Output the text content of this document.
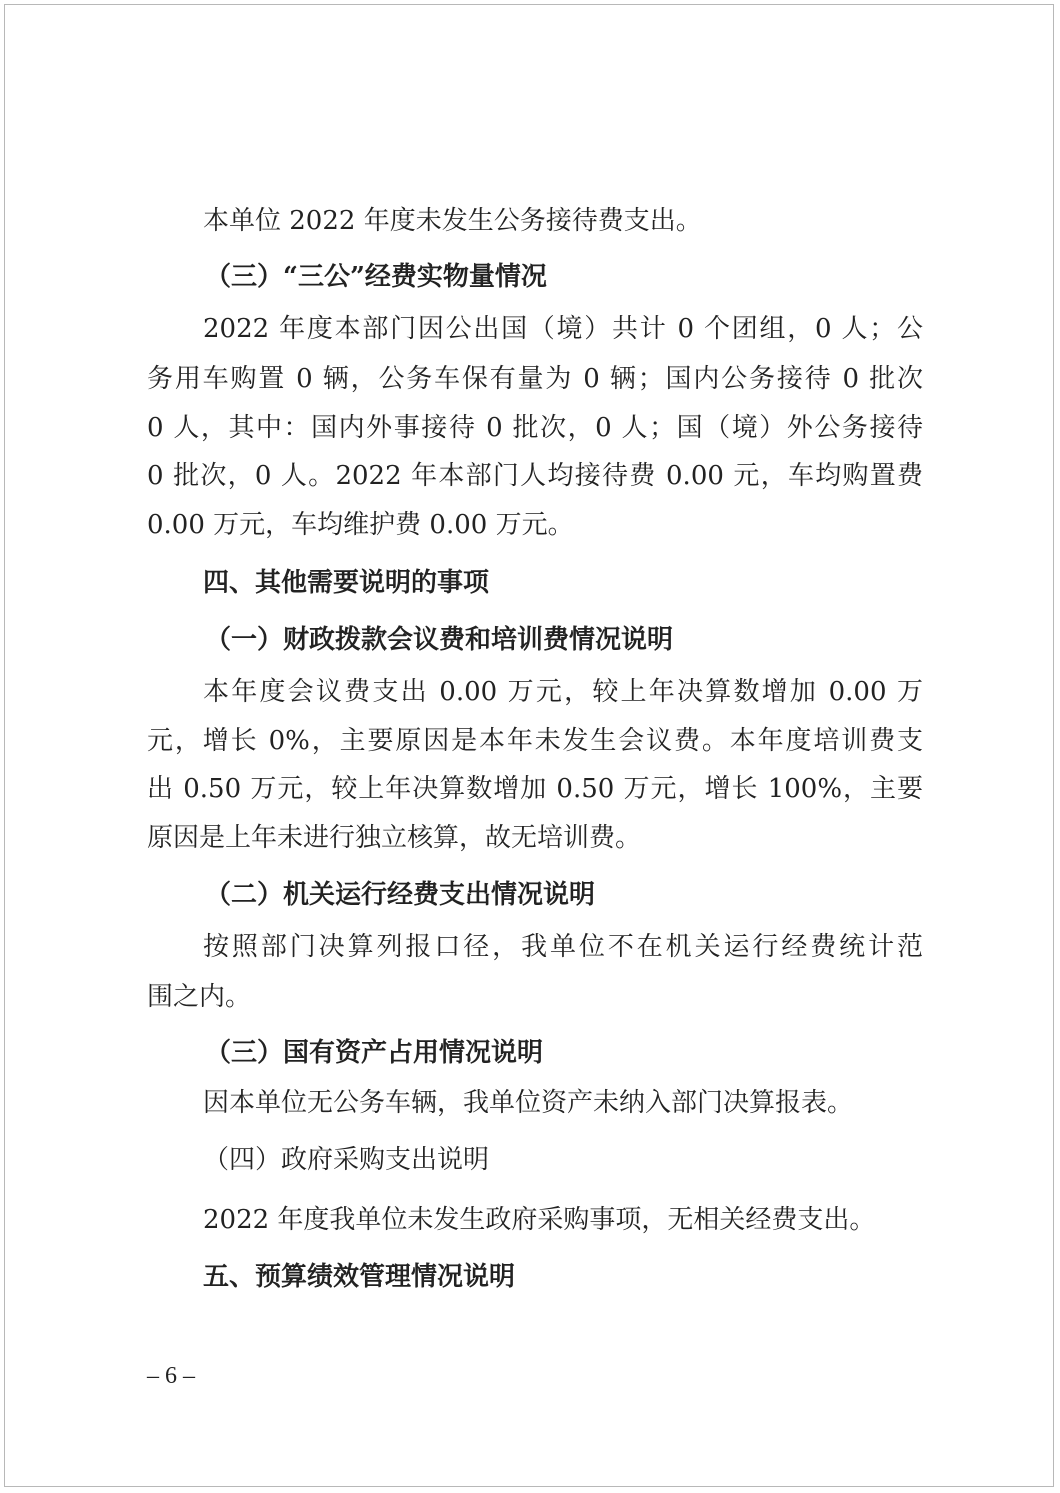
本单位 2022 年度未发生公务接待费支出。
（三）“三公”经费实物量情况
2022 年度本部门因公出国（境）共计 0 个团组，0 人；公
务用车购置 0 辆，公务车保有量为 0 辆；国内公务接待 0 批次
0 人，其中：国内外事接待 0 批次，0 人；国（境）外公务接待
0 批次，0 人。2022 年本部门人均接待费 0.00 元，车均购置费
0.00 万元，车均维护费 0.00 万元。
四、其他需要说明的事项
（一）财政拨款会议费和培训费情况说明
本年度会议费支出 0.00 万元，较上年决算数增加 0.00 万
元，增长 0%，主要原因是本年未发生会议费。本年度培训费支
出 0.50 万元，较上年决算数增加 0.50 万元，增长 100%，主要
原因是上年未进行独立核算，故无培训费。
（二）机关运行经费支出情况说明
按照部门决算列报口径，我单位不在机关运行经费统计范
围之内。
（三）国有资产占用情况说明
因本单位无公务车辆，我单位资产未纳入部门决算报表。
（四）政府采购支出说明
2022 年度我单位未发生政府采购事项，无相关经费支出。
五、预算绩效管理情况说明
– 6 –
